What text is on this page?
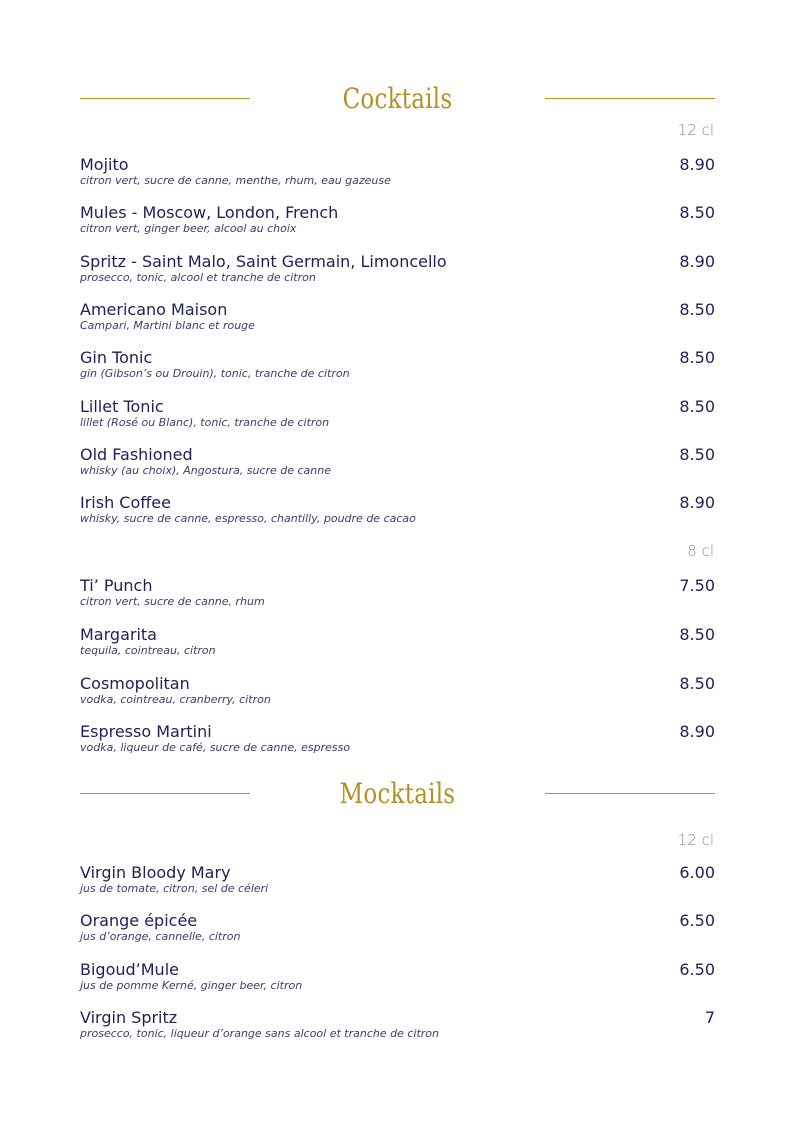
Cocktails
12 cl
Mojito
citron vert, sucre de canne, menthe, rhum, eau gazeuse
8.90
Mules - Moscow, London, French
citron vert, ginger beer, alcool au choix
8.50
Spritz - Saint Malo, Saint Germain, Limoncello
prosecco, tonic, alcool et tranche de citron
8.90
Americano Maison
Campari, Martini blanc et rouge
8.50
Gin Tonic
gin (Gibson’s ou Drouin), tonic, tranche de citron
8.50
Lillet Tonic
lillet (Rosé ou Blanc), tonic, tranche de citron
8.50
Old Fashioned
whisky (au choix), Angostura, sucre de canne
8.50
Irish Coffee
whisky, sucre de canne, espresso, chantilly, poudre de cacao
8.90
8 cl
Ti’ Punch
citron vert, sucre de canne, rhum
7.50
Margarita
tequila, cointreau, citron
8.50
Cosmopolitan
vodka, cointreau, cranberry, citron
8.50
Espresso Martini
vodka, liqueur de café, sucre de canne, espresso
8.90
Mocktails
12 cl
Virgin Bloody Mary
jus de tomate, citron, sel de céleri
6.00
Orange épicée
jus d’orange, cannelle, citron
6.50
Bigoud’Mule
jus de pomme Kerné, ginger beer, citron
6.50
Virgin Spritz
prosecco, tonic, liqueur d’orange sans alcool et tranche de citron
7
